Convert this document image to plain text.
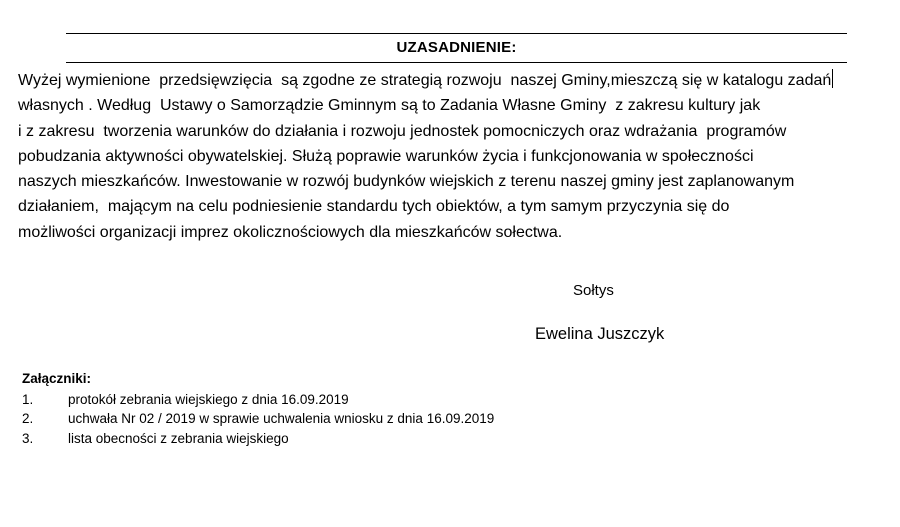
UZASADNIENIE:
Wyżej wymienione  przedsięwzięcia  są zgodne ze strategią rozwoju  naszej Gminy,mieszczą się w katalogu zadań
własnych . Według  Ustawy o Samorządzie Gminnym są to Zadania Własne Gminy  z zakresu kultury jak
i z zakresu  tworzenia warunków do działania i rozwoju jednostek pomocniczych oraz wdrażania  programów
pobudzania aktywności obywatelskiej. Służą poprawie warunków życia i funkcjonowania w społeczności
naszych mieszkańców. Inwestowanie w rozwój budynków wiejskich z terenu naszej gminy jest zaplanowanym
działaniem,  mającym na celu podniesienie standardu tych obiektów, a tym samym przyczynia się do
możliwości organizacji imprez okolicznościowych dla mieszkańców sołectwa.
Sołtys
Ewelina Juszczyk
Załączniki:
1.	protokół zebrania wiejskiego z dnia 16.09.2019
2.	uchwała Nr 02 / 2019 w sprawie uchwalenia wniosku z dnia 16.09.2019
3.	lista obecności z zebrania wiejskiego
